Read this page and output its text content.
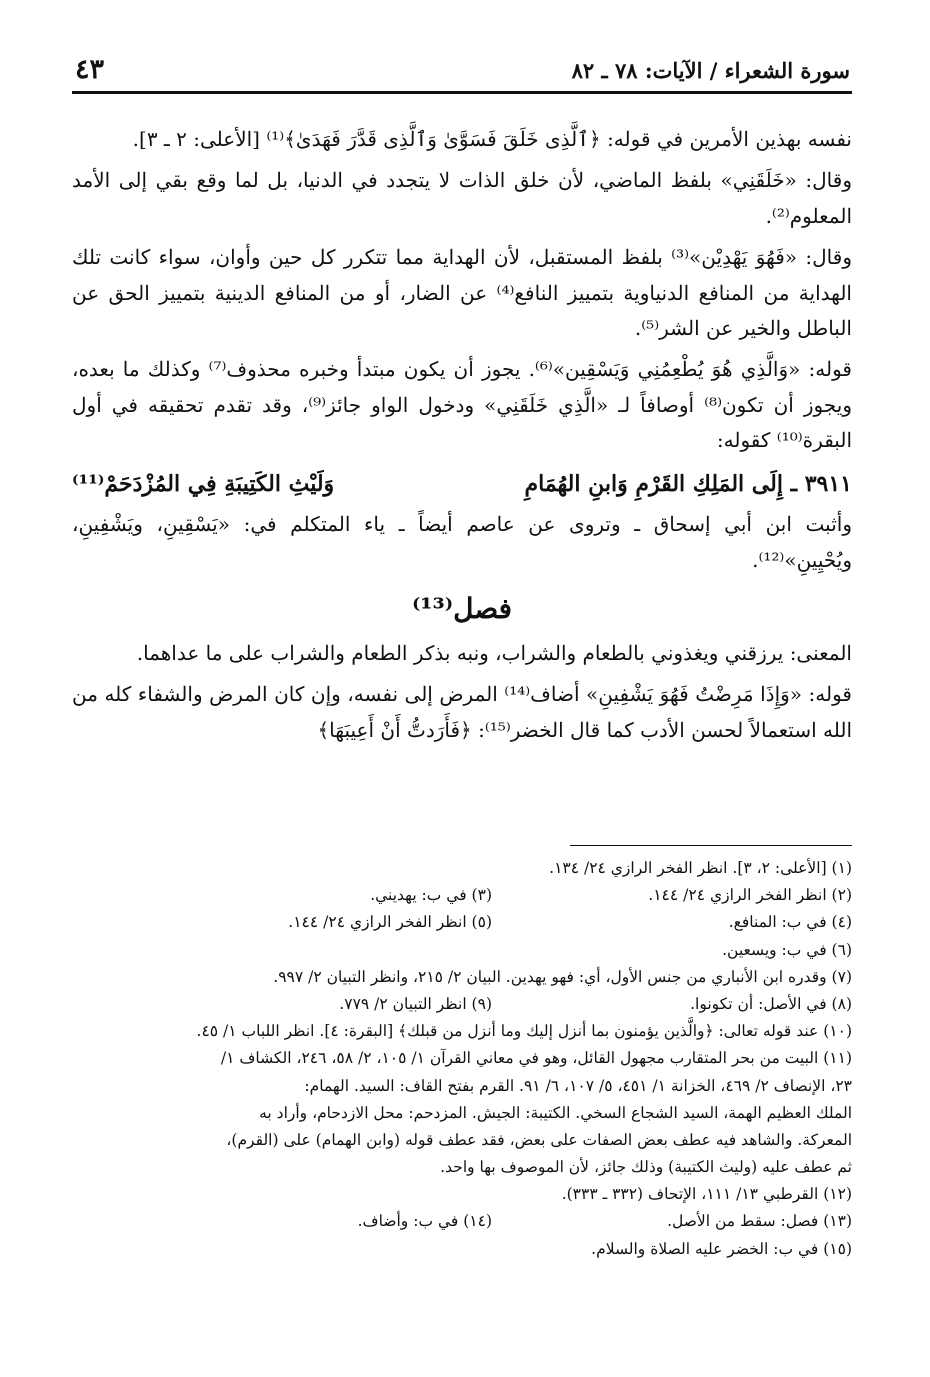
سورة الشعراء / الآيات: ٧٨ ـ ٨٢
٤٣

نفسه بهذين الأمرين في قوله: ﴿ٱلَّذِى خَلَقَ فَسَوَّىٰ وَٱلَّذِى قَدَّرَ فَهَدَىٰ﴾⁽¹⁾ [الأعلى: ٢ ـ ٣].

وقال: «خَلَقَنِي» بلفظ الماضي، لأن خلق الذات لا يتجدد في الدنيا، بل لما وقع بقي إلى الأمد المعلوم⁽²⁾.

وقال: «فَهُوَ يَهْدِيْن»⁽³⁾ بلفظ المستقبل، لأن الهداية مما تتكرر كل حين وأوان، سواء كانت تلك الهداية من المنافع الدنياوية بتمييز النافع⁽⁴⁾ عن الضار، أو من المنافع الدينية بتمييز الحق عن الباطل والخير عن الشر⁽⁵⁾.

قوله: «وَالَّذِي هُوَ يُطْعِمُنِي وَيَسْقِين»⁽⁶⁾. يجوز أن يكون مبتدأ وخبره محذوف⁽⁷⁾ وكذلك ما بعده، ويجوز أن تكون⁽⁸⁾ أوصافاً لـ «الَّذِي خَلَقَنِي» ودخول الواو جائز⁽⁹⁾، وقد تقدم تحقيقه في أول البقرة⁽¹⁰⁾ كقوله:

٣٩١١ ـ إِلَى المَلِكِ القَرْمِ وَابنِ الهُمَامِ
وَلَيْثِ الكَتِيبَةِ فِي المُزْدَحَمْ⁽¹¹⁾

وأثبت ابن أبي إسحاق ـ وتروى عن عاصم أيضاً ـ ياء المتكلم في: «يَسْقِينِ، ويَشْفِينِ، ويُحْيِينِ»⁽¹²⁾.

فصل⁽¹³⁾

المعنى: يرزقني ويغذوني بالطعام والشراب، ونبه بذكر الطعام والشراب على ما عداهما.

قوله: «وَإِذَا مَرِضْتُ فَهُوَ يَشْفِينِ» أضاف⁽¹⁴⁾ المرض إلى نفسه، وإن كان المرض والشفاء كله من الله استعمالاً لحسن الأدب كما قال الخضر⁽¹⁵⁾: ﴿فَأَرَدتُّ أَنْ أَعِيبَهَا﴾

(١) [الأعلى: ٢، ٣]. انظر الفخر الرازي ٢٤/ ١٣٤.
(٢) انظر الفخر الرازي ٢٤/ ١٤٤.
(٣) في ب: يهديني.
(٤) في ب: المنافع.
(٥) انظر الفخر الرازي ٢٤/ ١٤٤.
(٦) في ب: ويسعين.
(٧) وقدره ابن الأنباري من جنس الأول، أي: فهو يهدين. البيان ٢/ ٢١٥، وانظر التبيان ٢/ ٩٩٧.
(٨) في الأصل: أن تكونوا.
(٩) انظر التبيان ٢/ ٧٧٩.
(١٠) عند قوله تعالى: ﴿والَّذين يؤمنون بما أنزل إليك وما أنزل من قبلك﴾ [البقرة: ٤]. انظر اللباب ١/ ٤٥.
(١١) البيت من بحر المتقارب مجهول القائل، وهو في معاني القرآن ١/ ١٠٥، ٢/ ٥٨، ٢٤٦، الكشاف ١/
٢٣، الإنصاف ٢/ ٤٦٩، الخزانة ١/ ٤٥١، ٥/ ١٠٧، ٦/ ٩١. القرم بفتح القاف: السيد. الهمام:
الملك العظيم الهمة، السيد الشجاع السخي. الكتيبة: الجيش. المزدحم: محل الازدحام، وأراد به
المعركة. والشاهد فيه عطف بعض الصفات على بعض، فقد عطف قوله (وابن الهمام) على (القرم)،
ثم عطف عليه (وليث الكتيبة) وذلك جائز، لأن الموصوف بها واحد.
(١٢) القرطبي ١٣/ ١١١، الإتحاف (٣٣٢ ـ ٣٣٣).
(١٣) فصل: سقط من الأصل.
(١٤) في ب: وأضاف.
(١٥) في ب: الخضر عليه الصلاة والسلام.
